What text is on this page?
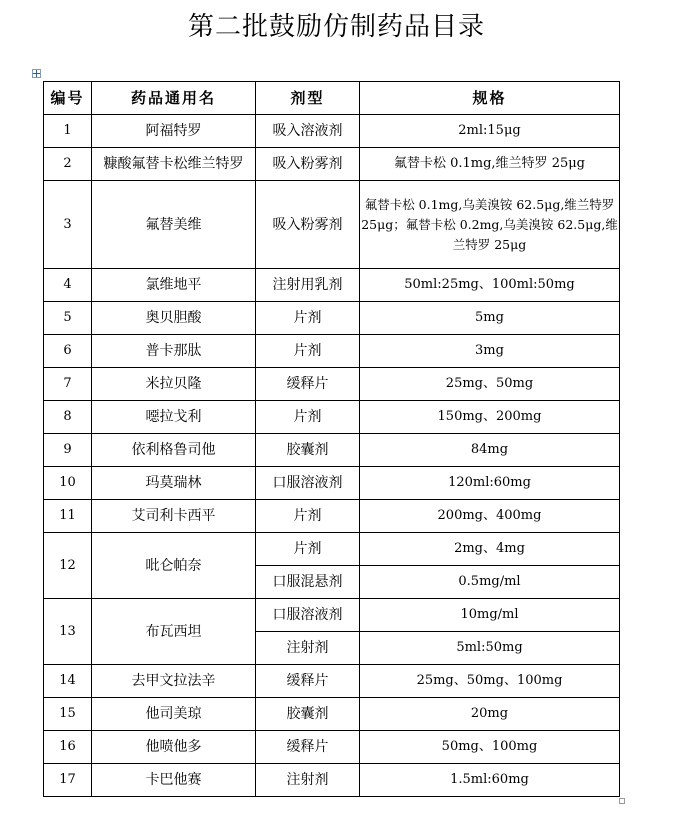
第二批鼓励仿制药品目录
编号	药品通用名	剂型	规格
1	阿福特罗	吸入溶液剂	2ml:15μg
2	糠酸氟替卡松维兰特罗	吸入粉雾剂	氟替卡松 0.1mg,维兰特罗 25μg
3	氟替美维	吸入粉雾剂	氟替卡松 0.1mg,乌美溴铵 62.5μg,维兰特罗 25μg；氟替卡松 0.2mg,乌美溴铵 62.5μg,维兰特罗 25μg
4	氯维地平	注射用乳剂	50ml:25mg、100ml:50mg
5	奥贝胆酸	片剂	5mg
6	普卡那肽	片剂	3mg
7	米拉贝隆	缓释片	25mg、50mg
8	噁拉戈利	片剂	150mg、200mg
9	依利格鲁司他	胶囊剂	84mg
10	玛莫瑞林	口服溶液剂	120ml:60mg
11	艾司利卡西平	片剂	200mg、400mg
12	吡仑帕奈	片剂	2mg、4mg
		口服混悬剂	0.5mg/ml
13	布瓦西坦	口服溶液剂	10mg/ml
		注射剂	5ml:50mg
14	去甲文拉法辛	缓释片	25mg、50mg、100mg
15	他司美琼	胶囊剂	20mg
16	他喷他多	缓释片	50mg、100mg
17	卡巴他赛	注射剂	1.5ml:60mg
